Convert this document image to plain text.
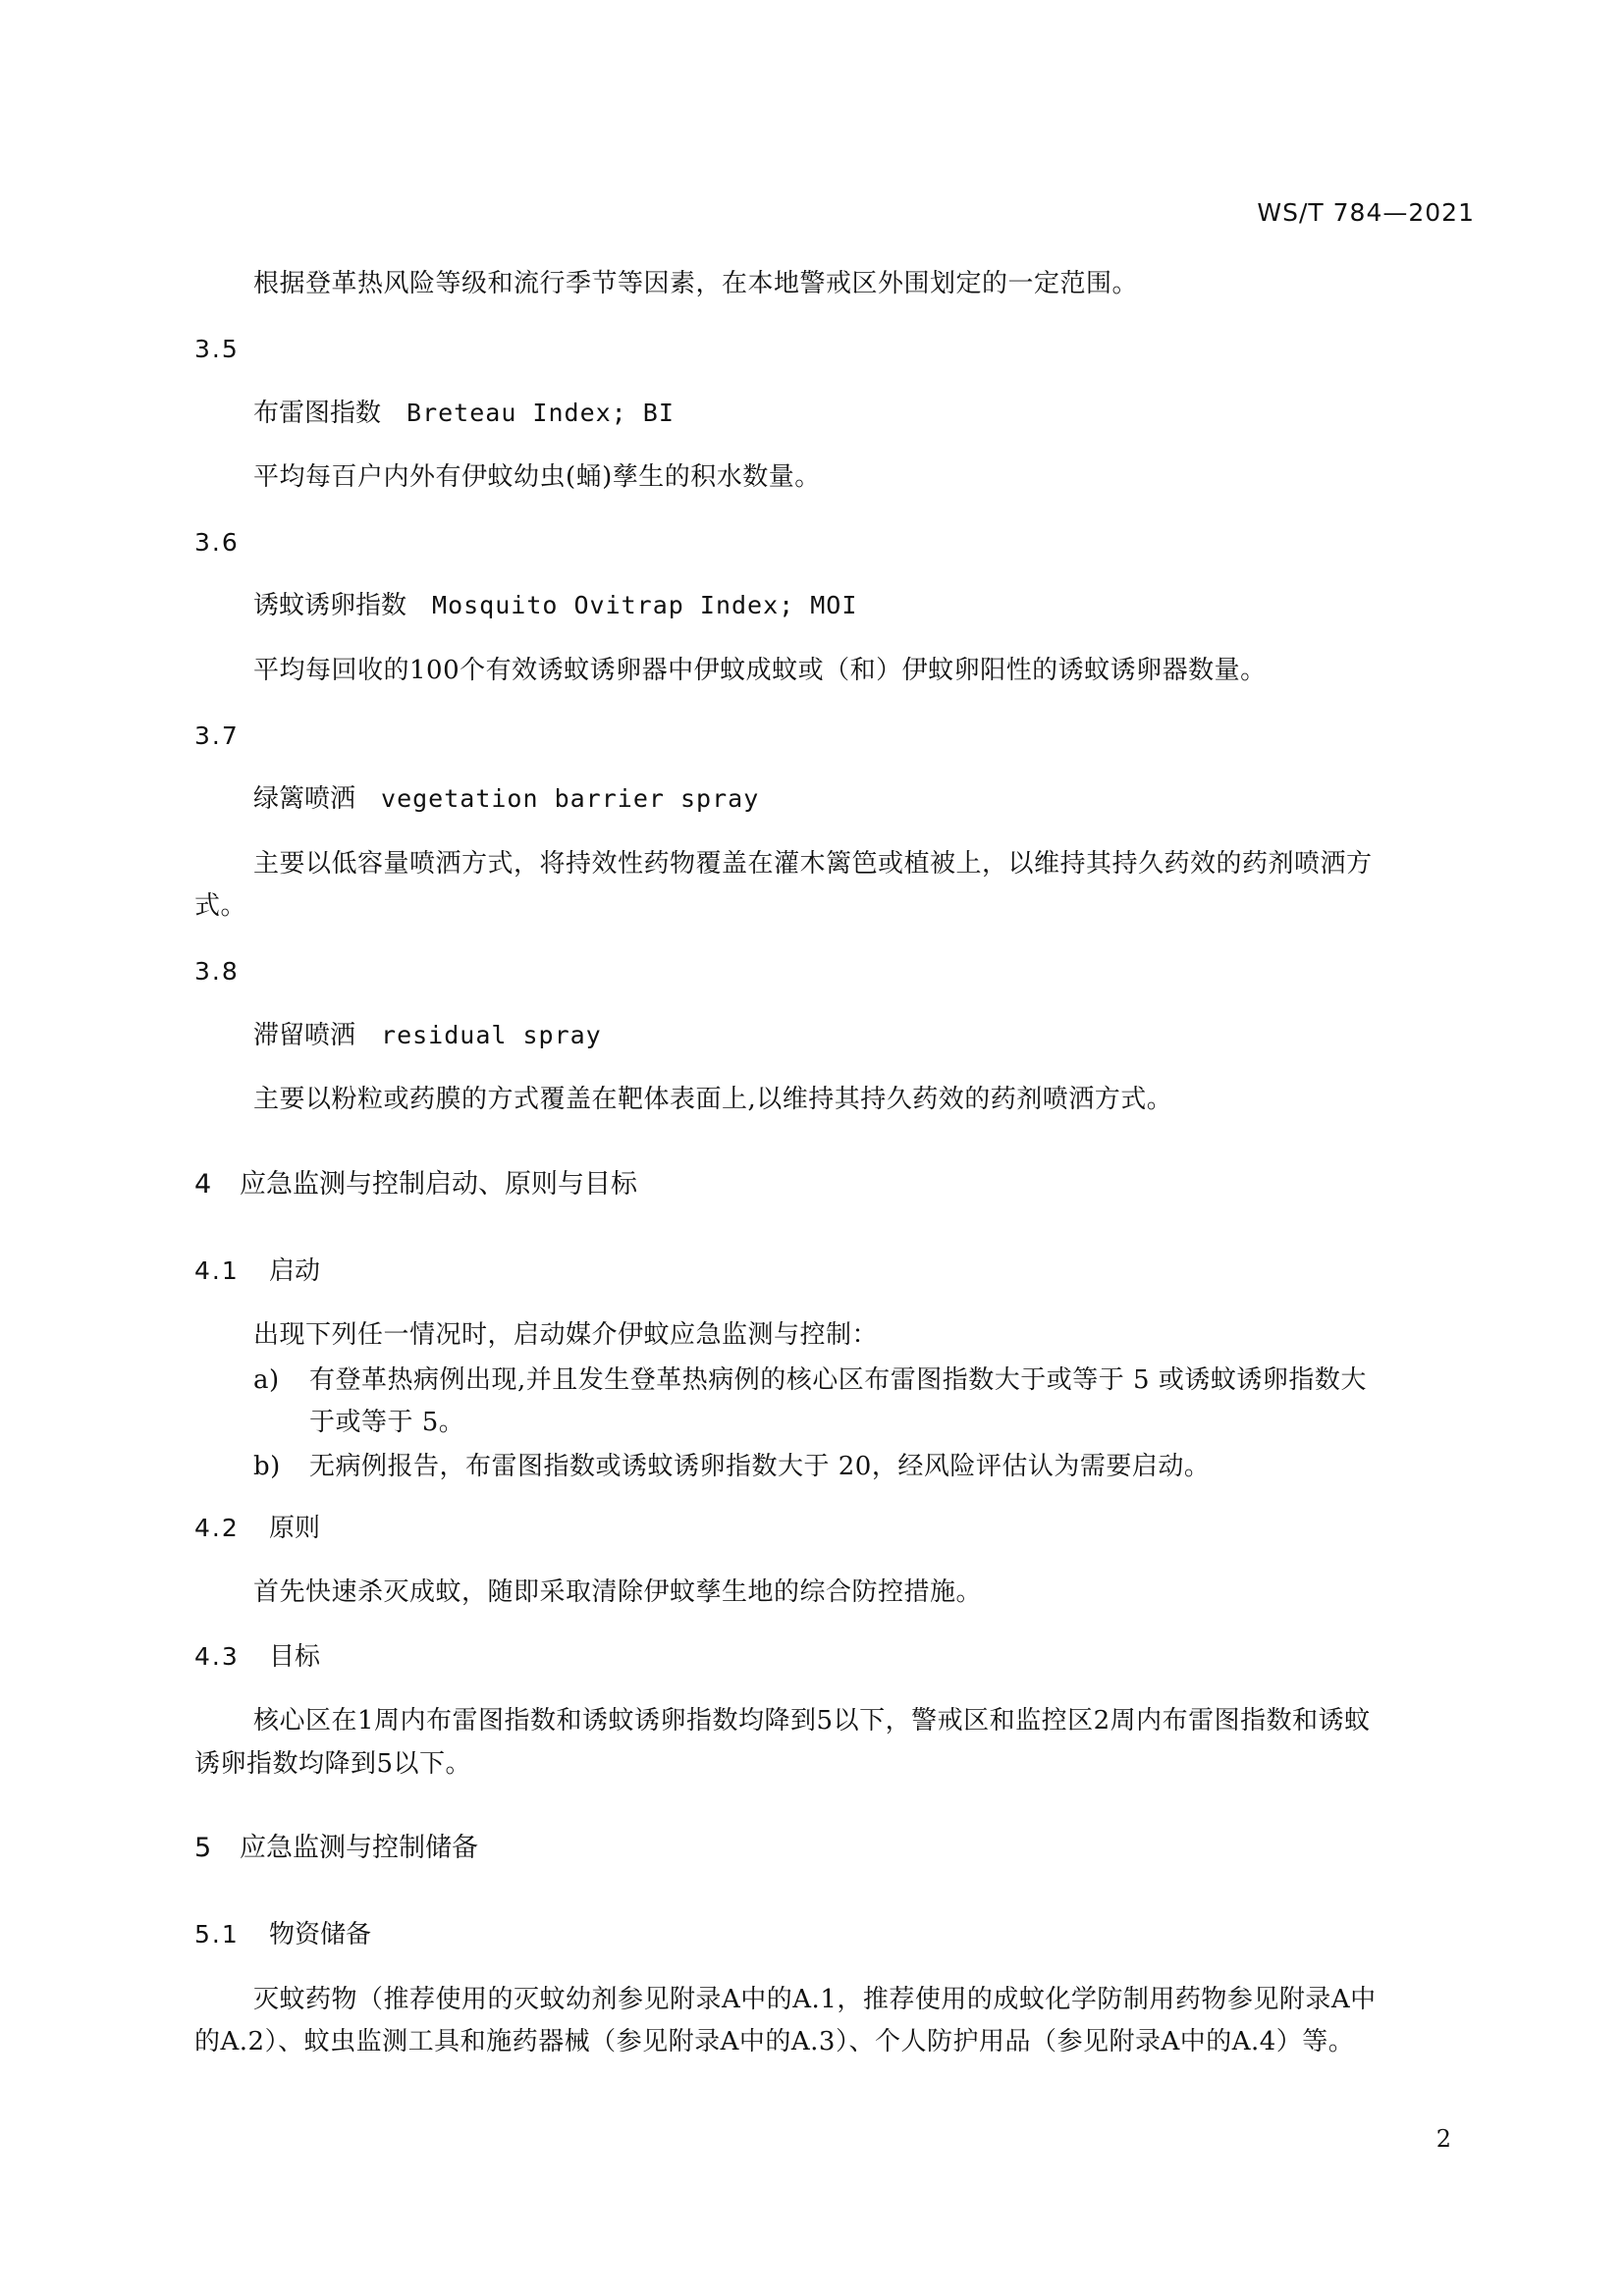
WS/T 784—2021
根据登革热风险等级和流行季节等因素，在本地警戒区外围划定的一定范围。
3.5
布雷图指数 Breteau Index; BI
平均每百户内外有伊蚊幼虫(蛹)孳生的积水数量。
3.6
诱蚊诱卵指数 Mosquito Ovitrap Index; MOI
平均每回收的100个有效诱蚊诱卵器中伊蚊成蚊或（和）伊蚊卵阳性的诱蚊诱卵器数量。
3.7
绿篱喷洒 vegetation barrier spray
主要以低容量喷洒方式，将持效性药物覆盖在灌木篱笆或植被上，以维持其持久药效的药剂喷洒方
式。
3.8
滞留喷洒 residual spray
主要以粉粒或药膜的方式覆盖在靶体表面上,以维持其持久药效的药剂喷洒方式。
4 应急监测与控制启动、原则与目标
4.1 启动
出现下列任一情况时，启动媒介伊蚊应急监测与控制：
a) 有登革热病例出现,并且发生登革热病例的核心区布雷图指数大于或等于 5 或诱蚊诱卵指数大
于或等于 5。
b) 无病例报告，布雷图指数或诱蚊诱卵指数大于 20，经风险评估认为需要启动。
4.2 原则
首先快速杀灭成蚊，随即采取清除伊蚊孳生地的综合防控措施。
4.3 目标
核心区在1周内布雷图指数和诱蚊诱卵指数均降到5以下，警戒区和监控区2周内布雷图指数和诱蚊
诱卵指数均降到5以下。
5 应急监测与控制储备
5.1 物资储备
灭蚊药物（推荐使用的灭蚊幼剂参见附录A中的A.1，推荐使用的成蚊化学防制用药物参见附录A中
的A.2）、蚊虫监测工具和施药器械（参见附录A中的A.3）、个人防护用品（参见附录A中的A.4）等。
2
